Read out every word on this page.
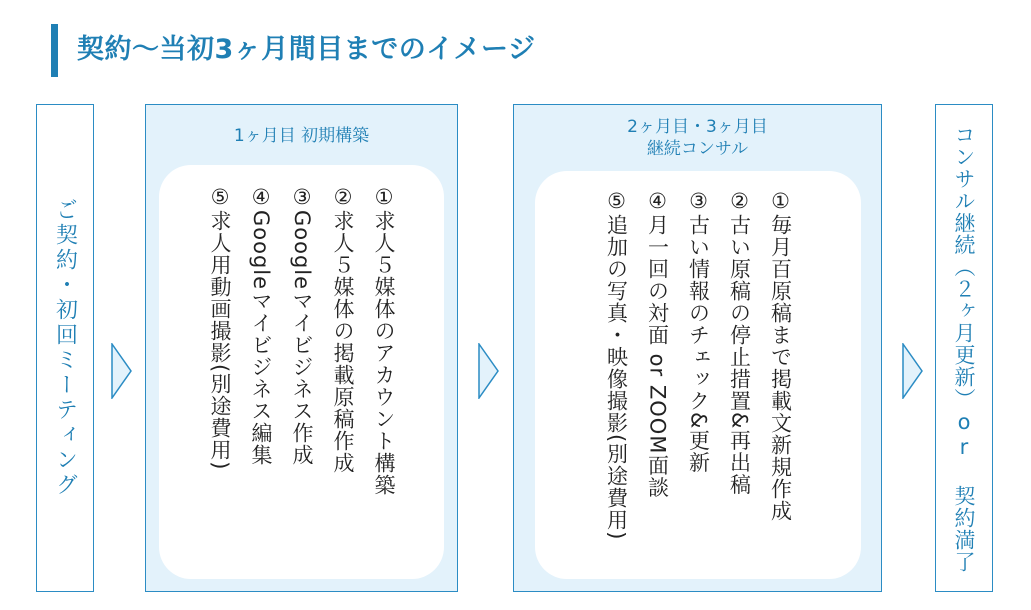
契約～当初3ヶ月間目までのイメージ
ご契約・初回ミーティング
1ヶ月目 初期構築
①求人５媒体のアカウント構築
②求人５媒体の掲載原稿作成
③Googleマイビジネス作成
④Googleマイビジネス編集
⑤求人用動画撮影(別途費用)
2ヶ月目・3ヶ月目
継続コンサル
①毎月百原稿まで掲載文新規作成
②古い原稿の停止措置&再出稿
③古い情報のチェック&更新
④月一回の対面 or ZOOM面談
⑤追加の写真・映像撮影(別途費用)	コンサル継続（２ヶ月更新）or 契約満了
